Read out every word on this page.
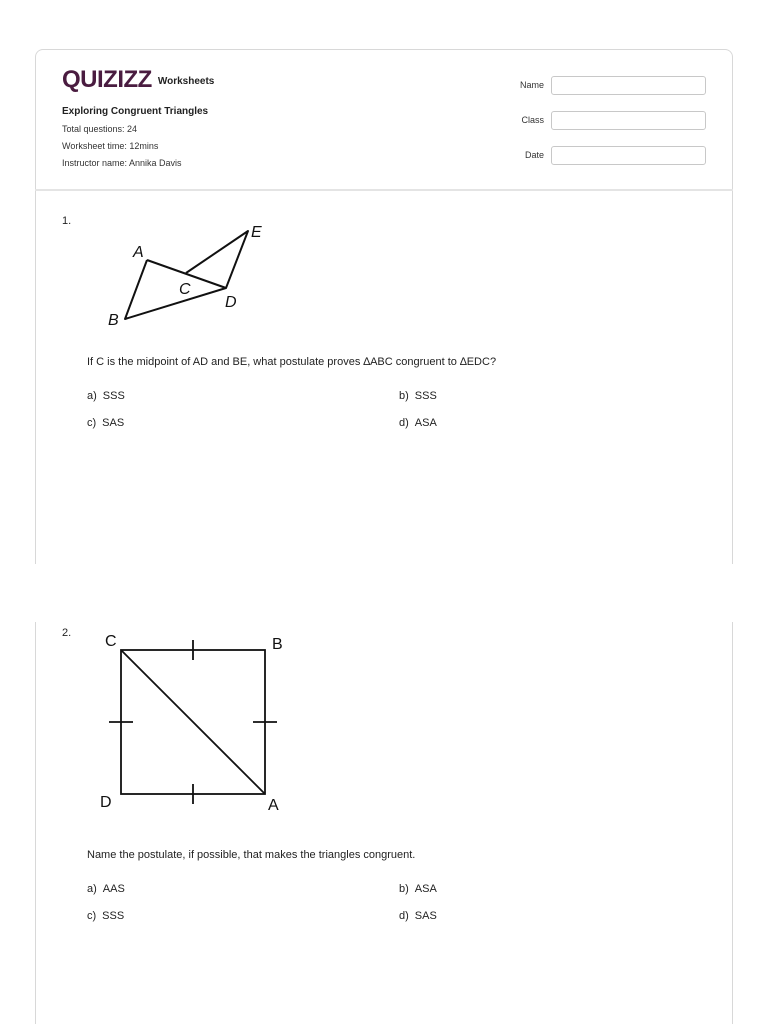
QUIZIZZ Worksheets
Exploring Congruent Triangles
Total questions: 24
Worksheet time: 12mins
Instructor name: Annika Davis
Name
Class
Date
1.
A
B
C
D
E
If C is the midpoint of AD and BE, what postulate proves ∆ABC congruent to ∆EDC?
a) SSS	b) SSS
c) SAS	d) ASA
2. C	B
D	A
Name the postulate, if possible, that makes the triangles congruent.
a) AAS	b) ASA
c) SSS	d) SAS
